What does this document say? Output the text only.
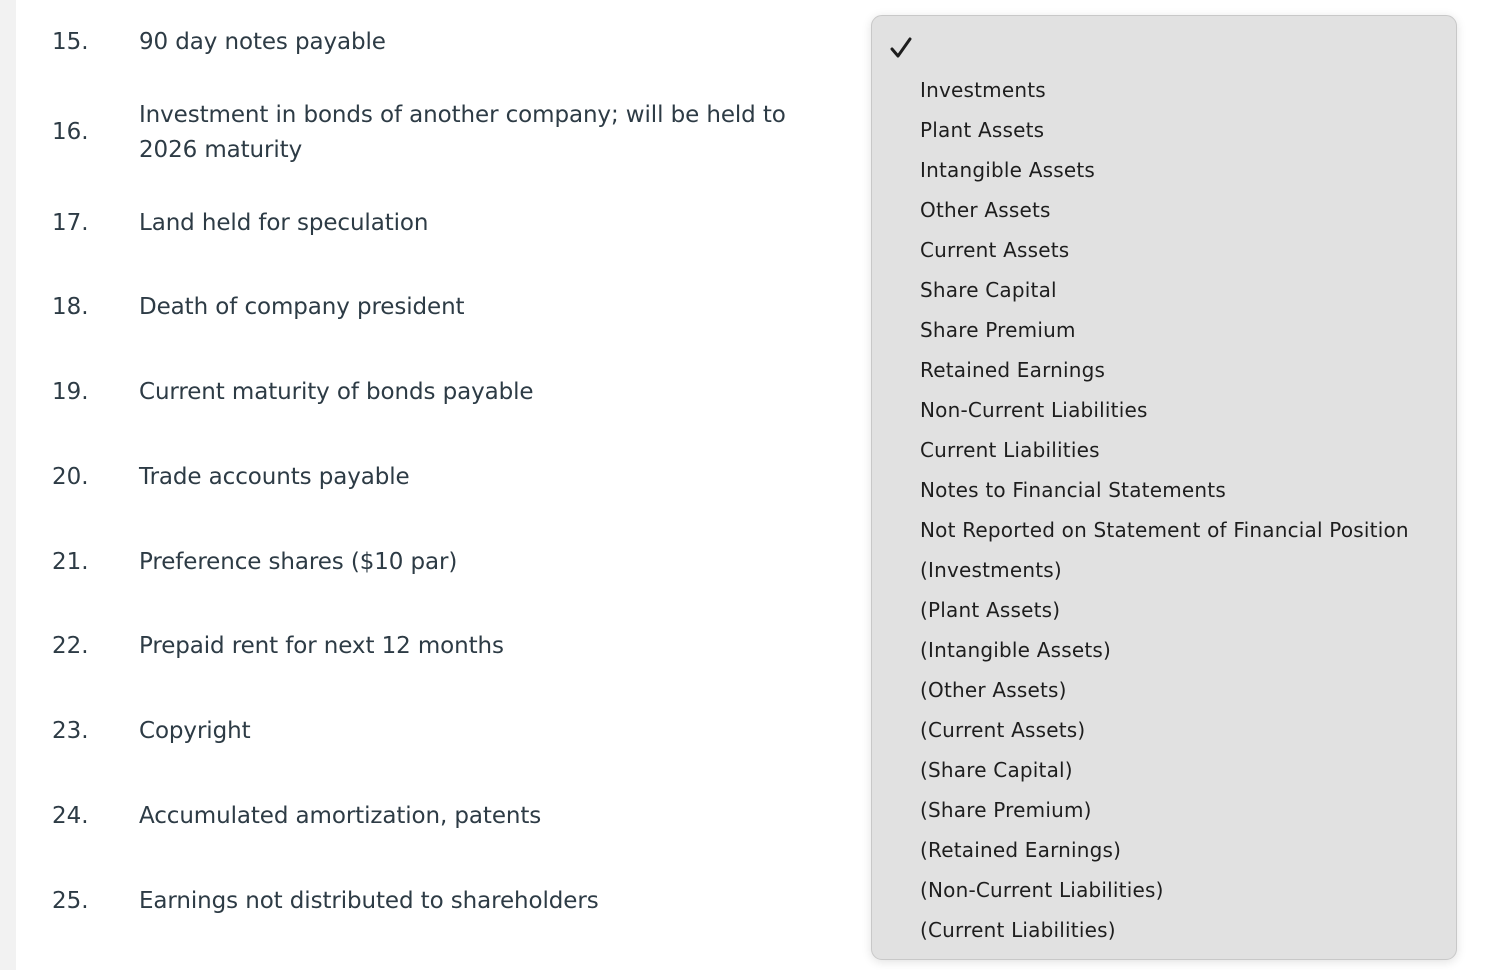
15.	90 day notes payable
16.
Investment in bonds of another company; will be held to 2026 maturity
17.	Land held for speculation
18.	Death of company president
19.	Current maturity of bonds payable
20.	Trade accounts payable
21.	Preference shares ($10 par)
22.	Prepaid rent for next 12 months
23.	Copyright
24.	Accumulated amortization, patents
25.	Earnings not distributed to shareholders
Investments
Plant Assets
Intangible Assets
Other Assets
Current Assets
Share Capital
Share Premium
Retained Earnings
Non-Current Liabilities
Current Liabilities
Notes to Financial Statements
Not Reported on Statement of Financial Position
(Investments)
(Plant Assets)
(Intangible Assets)
(Other Assets)
(Current Assets)
(Share Capital)
(Share Premium)
(Retained Earnings)
(Non-Current Liabilities)
(Current Liabilities)
